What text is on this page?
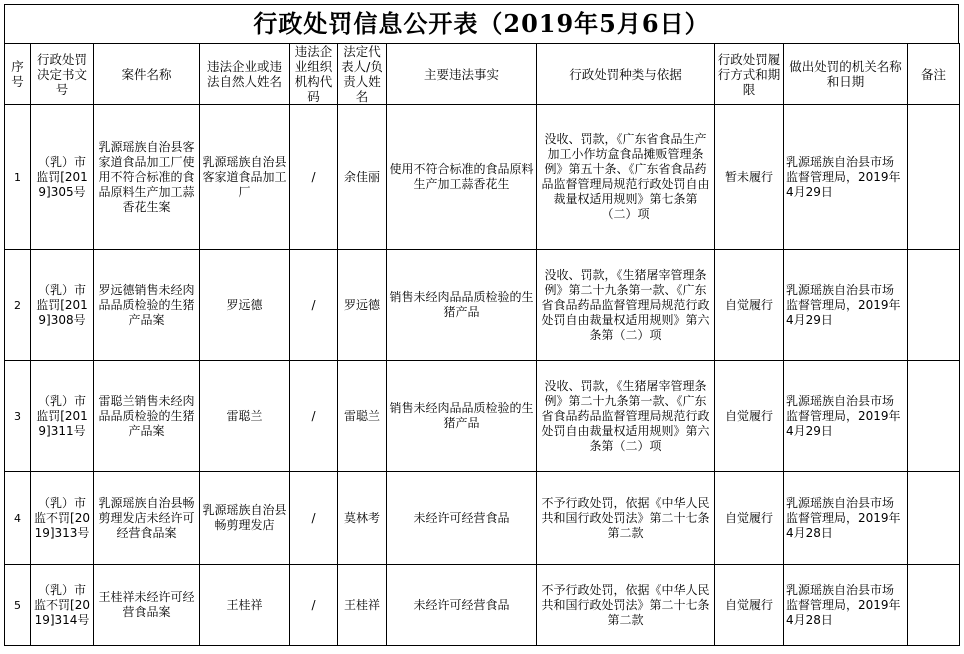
行政处罚信息公开表（2019年5月6日）
序号	行政处罚决定书文号	案件名称	违法企业或违法自然人姓名	违法企业组织机构代码	法定代表人/负责人姓名	主要违法事实	行政处罚种类与依据	行政处罚履行方式和期限	做出处罚的机关名称和日期	备注
1	（乳）市监罚[2019]305号	乳源瑶族自治县客家道食品加工厂使用不符合标准的食品原料生产加工蒜香花生案	乳源瑶族自治县客家道食品加工厂	/	余佳丽	使用不符合标准的食品原料生产加工蒜香花生	没收、罚款，《广东省食品生产加工小作坊盒食品摊贩管理条例》第五十条、《广东省食品药品监督管理局规范行政处罚自由裁量权适用规则》第七条第（二）项	暂未履行	乳源瑶族自治县市场监督管理局，2019年4月29日	
2	（乳）市监罚[2019]308号	罗远德销售未经肉品品质检验的生猪产品案	罗远德	/	罗远德	销售未经肉品品质检验的生猪产品	没收、罚款，《生猪屠宰管理条例》第二十九条第一款、《广东省食品药品监督管理局规范行政处罚自由裁量权适用规则》第六条第（二）项	自觉履行	乳源瑶族自治县市场监督管理局，2019年4月29日	
3	（乳）市监罚[2019]311号	雷聪兰销售未经肉品品质检验的生猪产品案	雷聪兰	/	雷聪兰	销售未经肉品品质检验的生猪产品	没收、罚款，《生猪屠宰管理条例》第二十九条第一款、《广东省食品药品监督管理局规范行政处罚自由裁量权适用规则》第六条第（二）项	自觉履行	乳源瑶族自治县市场监督管理局，2019年4月29日	
4	（乳）市监不罚[2019]313号	乳源瑶族自治县畅剪理发店未经许可经营食品案	乳源瑶族自治县畅剪理发店	/	莫林考	未经许可经营食品	不予行政处罚，依据《中华人民共和国行政处罚法》第二十七条第二款	自觉履行	乳源瑶族自治县市场监督管理局，2019年4月28日	
5	（乳）市监不罚[2019]314号	王桂祥未经许可经营食品案	王桂祥	/	王桂祥	未经许可经营食品	不予行政处罚，依据《中华人民共和国行政处罚法》第二十七条第二款	自觉履行	乳源瑶族自治县市场监督管理局，2019年4月28日	
